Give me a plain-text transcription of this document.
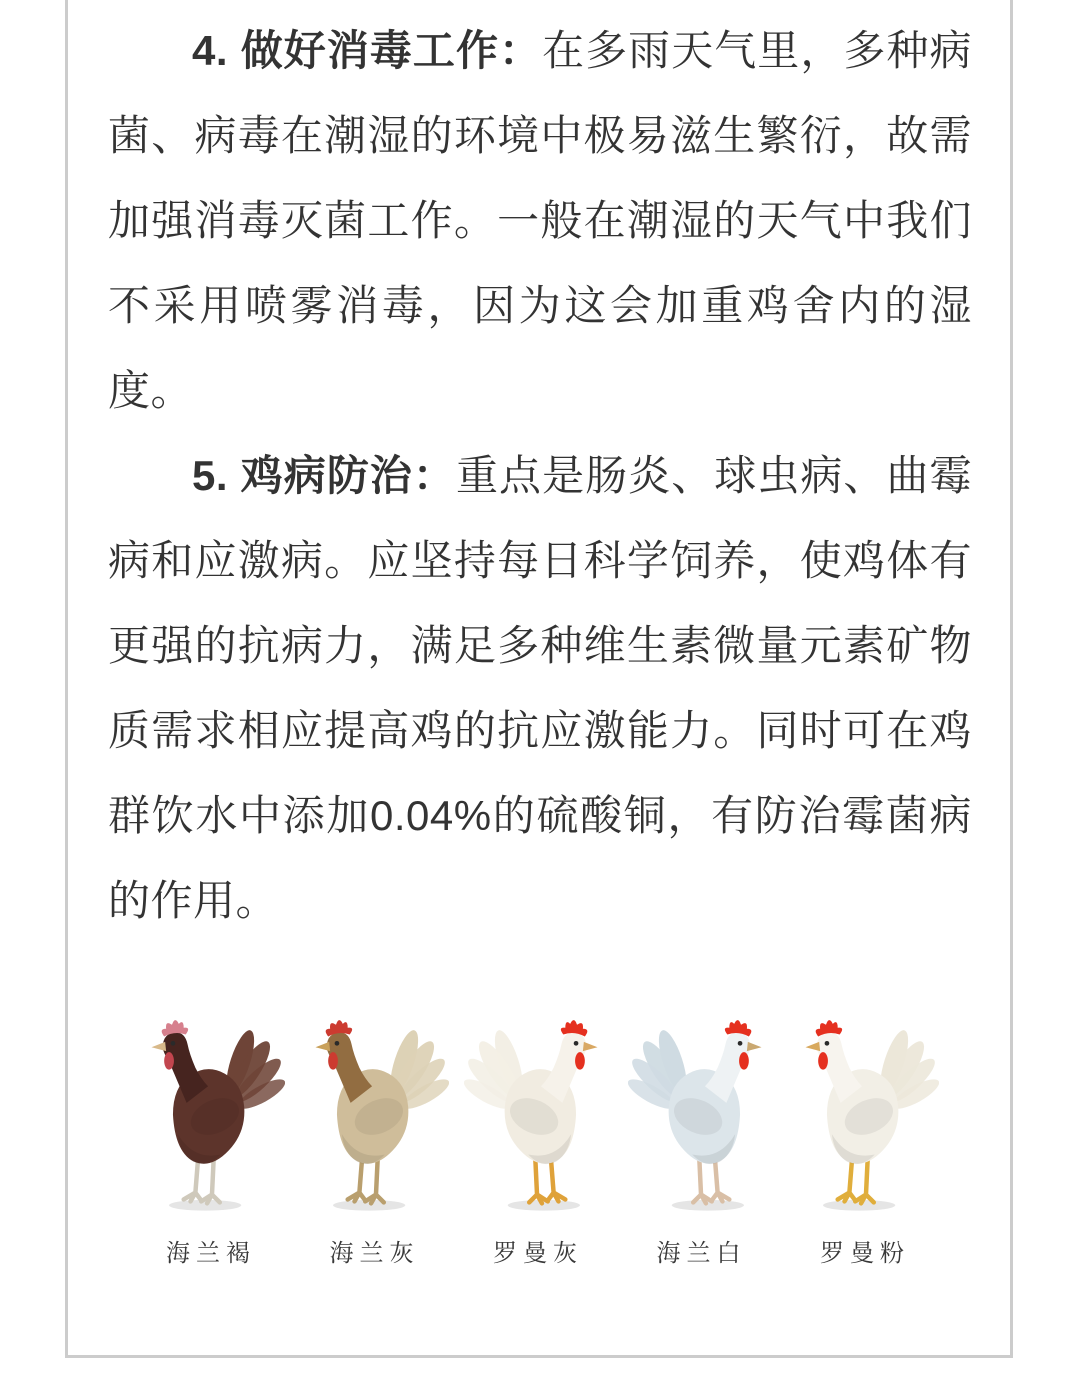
4. 做好消毒工作：在多雨天气里，多种病菌、病毒在潮湿的环境中极易滋生繁衍，故需加强消毒灭菌工作。一般在潮湿的天气中我们不采用喷雾消毒，因为这会加重鸡舍内的湿度。

5. 鸡病防治：重点是肠炎、球虫病、曲霉病和应激病。应坚持每日科学饲养，使鸡体有更强的抗病力，满足多种维生素微量元素矿物质需求相应提高鸡的抗应激能力。同时可在鸡群饮水中添加0.04%的硫酸铜，有防治霉菌病的作用。

海兰褐	海兰灰	罗曼灰	海兰白	罗曼粉
